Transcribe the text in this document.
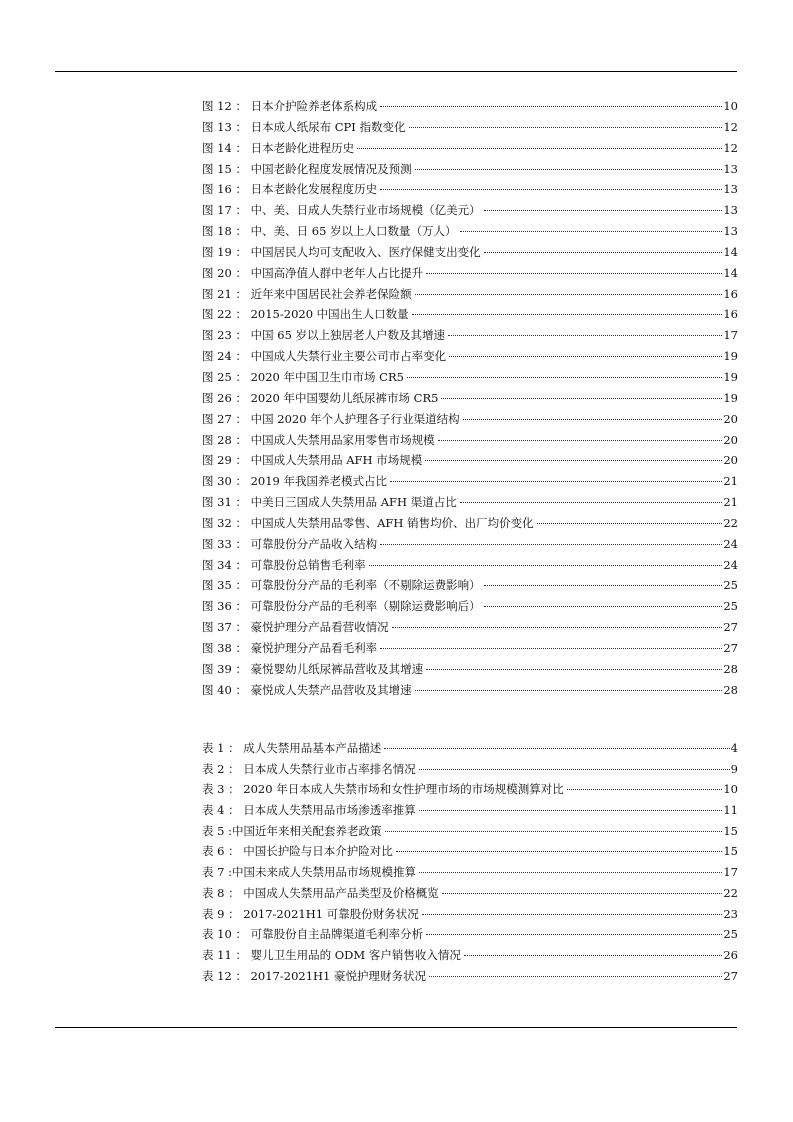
图 12 ： 日本介护险养老体系构成	10
图 13 ： 日本成人纸尿布 CPI 指数变化	12
图 14 ： 日本老龄化进程历史	12
图 15 ： 中国老龄化程度发展情况及预测	13
图 16 ： 日本老龄化发展程度历史	13
图 17 ： 中、美、日成人失禁行业市场规模（亿美元）	13
图 18 ： 中、美、日 65 岁以上人口数量（万人）	13
图 19 ： 中国居民人均可支配收入、医疗保健支出变化	14
图 20 ： 中国高净值人群中老年人占比提升	14
图 21 ： 近年来中国居民社会养老保险额	16
图 22 ： 2015-2020 中国出生人口数量	16
图 23 ： 中国 65 岁以上独居老人户数及其增速	17
图 24 ： 中国成人失禁行业主要公司市占率变化	19
图 25 ： 2020 年中国卫生巾市场 CR5	19
图 26 ： 2020 年中国婴幼儿纸尿裤市场 CR5	19
图 27 ： 中国 2020 年个人护理各子行业渠道结构	20
图 28 ： 中国成人失禁用品家用零售市场规模	20
图 29 ： 中国成人失禁用品 AFH 市场规模	20
图 30 ： 2019 年我国养老模式占比	21
图 31 ： 中美日三国成人失禁用品 AFH 渠道占比	21
图 32 ： 中国成人失禁用品零售、AFH 销售均价、出厂均价变化	22
图 33 ： 可靠股份分产品收入结构	24
图 34 ： 可靠股份总销售毛利率	24
图 35 ： 可靠股份分产品的毛利率（不剔除运费影响）	25
图 36 ： 可靠股份分产品的毛利率（剔除运费影响后）	25
图 37 ： 豪悦护理分产品看营收情况	27
图 38 ： 豪悦护理分产品看毛利率	27
图 39 ： 豪悦婴幼儿纸尿裤品营收及其增速	28
图 40 ： 豪悦成人失禁产品营收及其增速	28
表 1 ： 成人失禁用品基本产品描述	4
表 2 ： 日本成人失禁行业市占率排名情况	9
表 3 ： 2020 年日本成人失禁市场和女性护理市场的市场规模测算对比	10
表 4 ： 日本成人失禁用品市场渗透率推算	11
表 5 :中国近年来相关配套养老政策	15
表 6 ： 中国长护险与日本介护险对比	15
表 7 :中国未来成人失禁用品市场规模推算	17
表 8 ： 中国成人失禁用品产品类型及价格概览	22
表 9 ： 2017-2021H1 可靠股份财务状况	23
表 10 ： 可靠股份自主品牌渠道毛利率分析	25
表 11 ： 婴儿卫生用品的 ODM 客户销售收入情况	26
表 12 ： 2017-2021H1 豪悦护理财务状况	27
